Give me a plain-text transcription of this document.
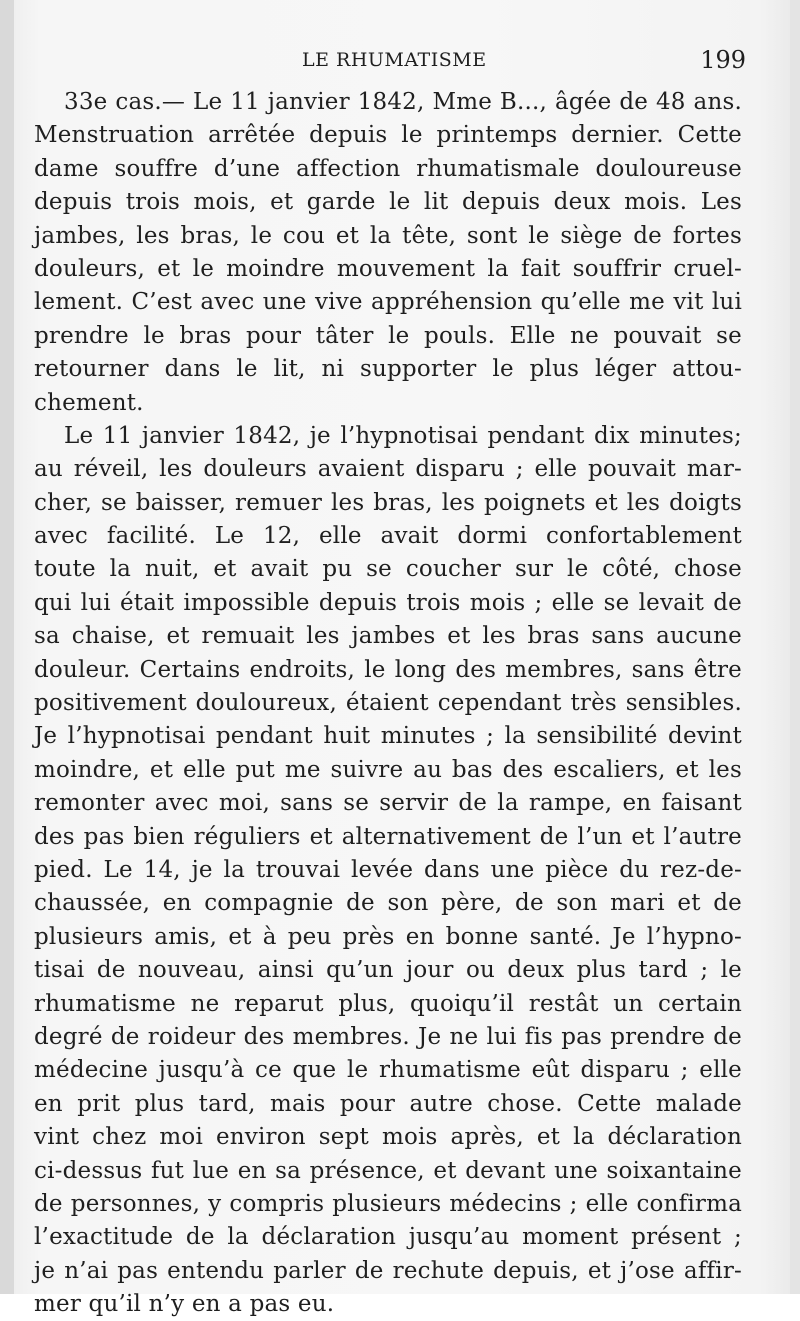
LE RHUMATISME	199
33e cas.— Le 11 janvier 1842, Mme B..., âgée de 48 ans.
Menstruation arrêtée depuis le printemps dernier. Cette
dame souffre d’une affection rhumatismale douloureuse
depuis trois mois, et garde le lit depuis deux mois. Les
jambes, les bras, le cou et la tête, sont le siège de fortes
douleurs, et le moindre mouvement la fait souffrir cruel-
lement. C’est avec une vive appréhension qu’elle me vit lui
prendre le bras pour tâter le pouls. Elle ne pouvait se
retourner dans le lit, ni supporter le plus léger attou-
chement.
Le 11 janvier 1842, je l’hypnotisai pendant dix minutes;
au réveil, les douleurs avaient disparu ; elle pouvait mar-
cher, se baisser, remuer les bras, les poignets et les doigts
avec facilité. Le 12, elle avait dormi confortablement
toute la nuit, et avait pu se coucher sur le côté, chose
qui lui était impossible depuis trois mois ; elle se levait de
sa chaise, et remuait les jambes et les bras sans aucune
douleur. Certains endroits, le long des membres, sans être
positivement douloureux, étaient cependant très sensibles.
Je l’hypnotisai pendant huit minutes ; la sensibilité devint
moindre, et elle put me suivre au bas des escaliers, et les
remonter avec moi, sans se servir de la rampe, en faisant
des pas bien réguliers et alternativement de l’un et l’autre
pied. Le 14, je la trouvai levée dans une pièce du rez-de-
chaussée, en compagnie de son père, de son mari et de
plusieurs amis, et à peu près en bonne santé. Je l’hypno-
tisai de nouveau, ainsi qu’un jour ou deux plus tard ; le
rhumatisme ne reparut plus, quoiqu’il restât un certain
degré de roideur des membres. Je ne lui fis pas prendre de
médecine jusqu’à ce que le rhumatisme eût disparu ; elle
en prit plus tard, mais pour autre chose. Cette malade
vint chez moi environ sept mois après, et la déclaration
ci-dessus fut lue en sa présence, et devant une soixantaine
de personnes, y compris plusieurs médecins ; elle confirma
l’exactitude de la déclaration jusqu’au moment présent ;
je n’ai pas entendu parler de rechute depuis, et j’ose affir-
mer qu’il n’y en a pas eu.
